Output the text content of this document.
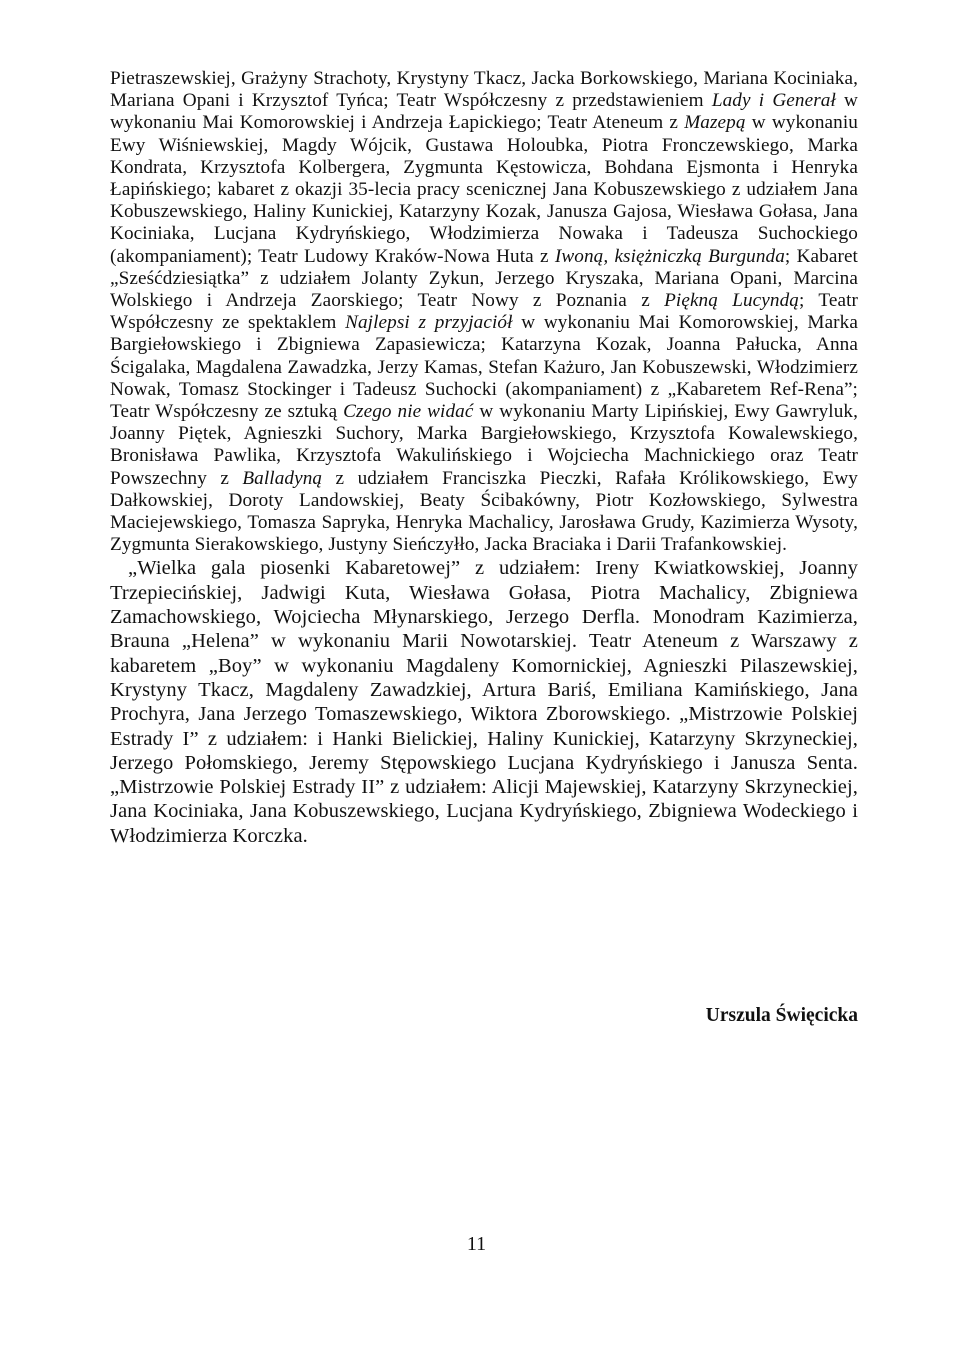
Pietraszewskiej, Grażyny Strachoty, Krystyny Tkacz, Jacka Borkowskiego, Mariana Kociniaka, Mariana Opani i Krzysztof Tyńca; Teatr Współczesny z przedstawieniem Lady i Generał w wykonaniu Mai Komorowskiej i Andrzeja Łapickiego; Teatr Ateneum z Mazepą w wykonaniu Ewy Wiśniewskiej, Magdy Wójcik, Gustawa Holoubka, Piotra Fronczewskiego, Marka Kondrata, Krzysztofa Kolbergera, Zygmunta Kęstowicza, Bohdana Ejsmonta i Henryka Łapińskiego; kabaret z okazji 35-lecia pracy scenicznej Jana Kobuszewskiego z udziałem Jana Kobuszewskiego, Haliny Kunickiej, Katarzyny Kozak, Janusza Gajosa, Wiesława Gołasa, Jana Kociniaka, Lucjana Kydryńskiego, Włodzimierza Nowaka i Tadeusza Suchockiego (akompaniament); Teatr Ludowy Kraków-Nowa Huta z Iwoną, księżniczką Burgunda; Kabaret „Sześćdziesiątka” z udziałem Jolanty Zykun, Jerzego Kryszaka, Mariana Opani, Marcina Wolskiego i Andrzeja Zaorskiego; Teatr Nowy z Poznania z Piękną Lucyndą; Teatr Współczesny ze spektaklem Najlepsi z przyjaciół w wykonaniu Mai Komorowskiej, Marka Bargiełowskiego i Zbigniewa Zapasiewicza; Katarzyna Kozak, Joanna Pałucka, Anna Ścigalaka, Magdalena Zawadzka, Jerzy Kamas, Stefan Każuro, Jan Kobuszewski, Włodzimierz Nowak, Tomasz Stockinger i Tadeusz Suchocki (akompaniament) z „Kabaretem Ref-Rena”; Teatr Współczesny ze sztuką Czego nie widać w wykonaniu Marty Lipińskiej, Ewy Gawryluk, Joanny Piętek, Agnieszki Suchory, Marka Bargiełowskiego, Krzysztofa Kowalewskiego, Bronisława Pawlika, Krzysztofa Wakulińskiego i Wojciecha Machnickiego oraz Teatr Powszechny z Balladyną z udziałem Franciszka Pieczki, Rafała Królikowskiego, Ewy Dałkowskiej, Doroty Landowskiej, Beaty Ścibakówny, Piotr Kozłowskiego, Sylwestra Maciejewskiego, Tomasza Sapryka, Henryka Machalicy, Jarosława Grudy, Kazimierza Wysoty, Zygmunta Sierakowskiego, Justyny Sieńczyłło, Jacka Braciaka i Darii Trafankowskiej.

„Wielka gala piosenki Kabaretowej” z udziałem: Ireny Kwiatkowskiej, Joanny Trzepiecińskiej, Jadwigi Kuta, Wiesława Gołasa, Piotra Machalicy, Zbigniewa Zamachowskiego, Wojciecha Młynarskiego, Jerzego Derfla. Monodram Kazimierza, Brauna „Helena” w wykonaniu Marii Nowotarskiej. Teatr Ateneum z Warszawy z kabaretem „Boy” w wykonaniu Magdaleny Komornickiej, Agnieszki Pilaszewskiej, Krystyny Tkacz, Magdaleny Zawadzkiej, Artura Bariś, Emiliana Kamińskiego, Jana Prochyra, Jana Jerzego Tomaszewskiego, Wiktora Zborowskiego. „Mistrzowie Polskiej Estrady I” z udziałem: i Hanki Bielickiej, Haliny Kunickiej, Katarzyny Skrzyneckiej, Jerzego Połomskiego, Jeremy Stępowskiego Lucjana Kydryńskiego i Janusza Senta. „Mistrzowie Polskiej Estrady II” z udziałem: Alicji Majewskiej, Katarzyny Skrzyneckiej, Jana Kociniaka, Jana Kobuszewskiego, Lucjana Kydryńskiego, Zbigniewa Wodeckiego i Włodzimierza Korczka.

Urszula Święcicka
11
